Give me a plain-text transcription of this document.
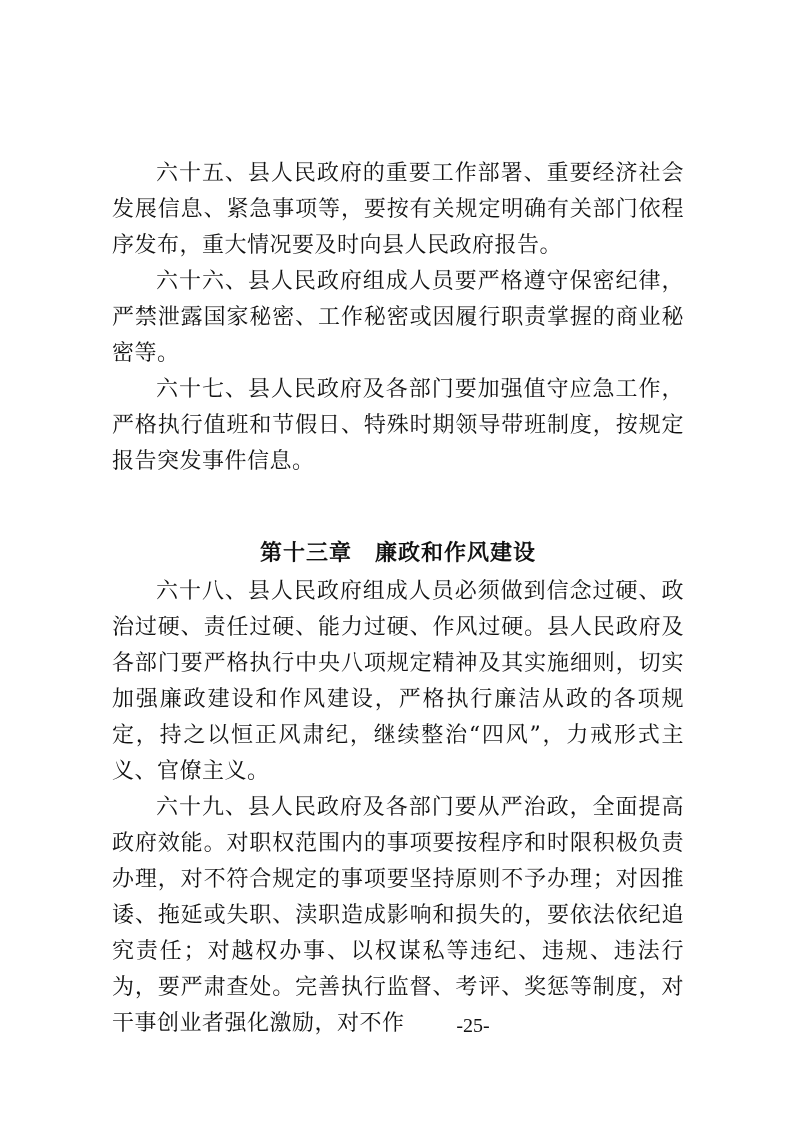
六十五、县人民政府的重要工作部署、重要经济社会发展信息、紧急事项等，要按有关规定明确有关部门依程序发布，重大情况要及时向县人民政府报告。

六十六、县人民政府组成人员要严格遵守保密纪律，严禁泄露国家秘密、工作秘密或因履行职责掌握的商业秘密等。

六十七、县人民政府及各部门要加强值守应急工作，严格执行值班和节假日、特殊时期领导带班制度，按规定报告突发事件信息。

第十三章　廉政和作风建设

六十八、县人民政府组成人员必须做到信念过硬、政治过硬、责任过硬、能力过硬、作风过硬。县人民政府及各部门要严格执行中央八项规定精神及其实施细则，切实加强廉政建设和作风建设，严格执行廉洁从政的各项规定，持之以恒正风肃纪，继续整治“四风”，力戒形式主义、官僚主义。

六十九、县人民政府及各部门要从严治政，全面提高政府效能。对职权范围内的事项要按程序和时限积极负责办理，对不符合规定的事项要坚持原则不予办理；对因推诿、拖延或失职、渎职造成影响和损失的，要依法依纪追究责任；对越权办事、以权谋私等违纪、违规、违法行为，要严肃查处。完善执行监督、考评、奖惩等制度，对干事创业者强化激励，对不作	-25-
